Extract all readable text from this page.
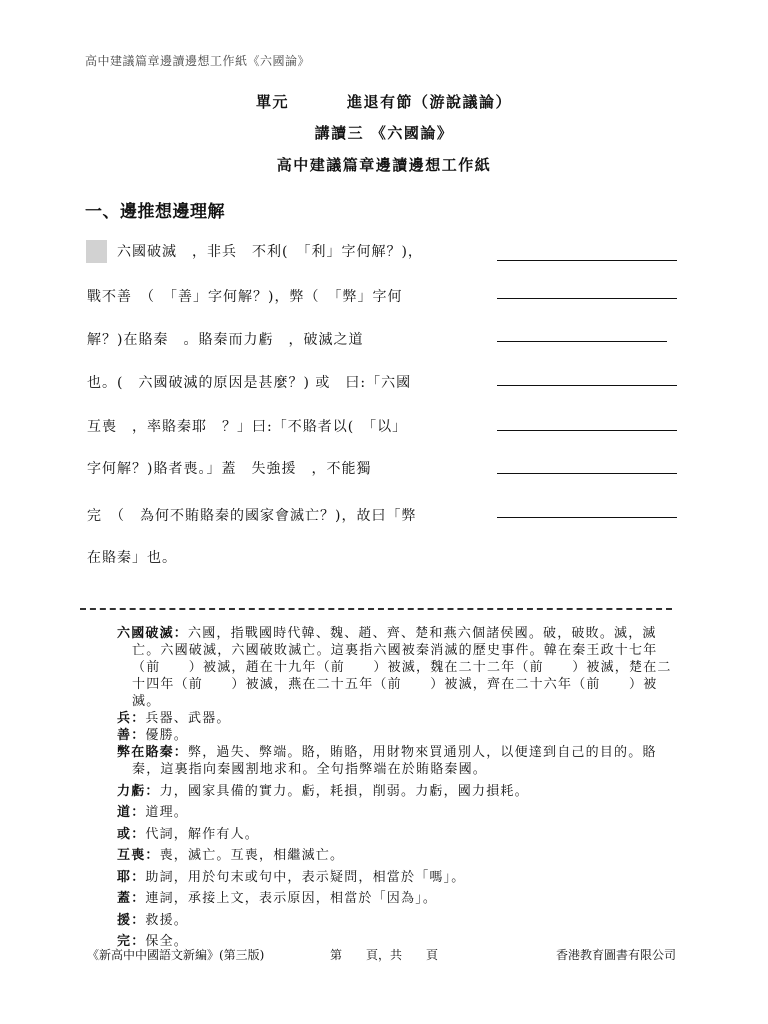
高中建議篇章邊讀邊想工作紙《六國論》
單元	進退有節（游說議論）
講讀三 《六國論》
高中建議篇章邊讀邊想工作紙
一、邊推想邊理解
六國破滅　，非兵　不利(　「利」字何解？)，
戰不善　（　「善」字何解？)，弊（　「弊」字何
解？)在賂秦　。賂秦而力虧　，破滅之道
也。(　六國破滅的原因是甚麼？) 或　曰:「六國
互喪　，率賂秦耶　？」曰:「不賂者以(　「以」
字何解？)賂者喪。」蓋　失強援　，不能獨
完　（　為何不賄賂秦的國家會滅亡？)，故曰「弊
在賂秦」也。
六國破滅：六國，指戰國時代韓、魏、趙、齊、楚和燕六個諸侯國。破，破敗。滅，滅亡。六國破滅，六國破敗滅亡。這裏指六國被秦消滅的歷史事件。韓在秦王政十七年（前　　）被滅，趙在十九年（前　　）被滅，魏在二十二年（前　　）被滅，楚在二十四年（前　　）被滅，燕在二十五年（前　　）被滅，齊在二十六年（前　　）被滅。
兵：兵器、武器。
善：優勝。
弊在賂秦：弊，過失、弊端。賂，賄賂，用財物來買通別人，以便達到自己的目的。賂秦，這裏指向秦國割地求和。全句指弊端在於賄賂秦國。
力虧：力，國家具備的實力。虧，耗損，削弱。力虧，國力損耗。
道：道理。
或：代詞，解作有人。
互喪：喪，滅亡。互喪，相繼滅亡。
耶：助詞，用於句末或句中，表示疑問，相當於「嗎」。
蓋：連詞，承接上文，表示原因，相當於「因為」。
援：救援。
完：保全。
《新高中中國語文新編》(第三版)	第　　頁，共　　頁	香港教育圖書有限公司
